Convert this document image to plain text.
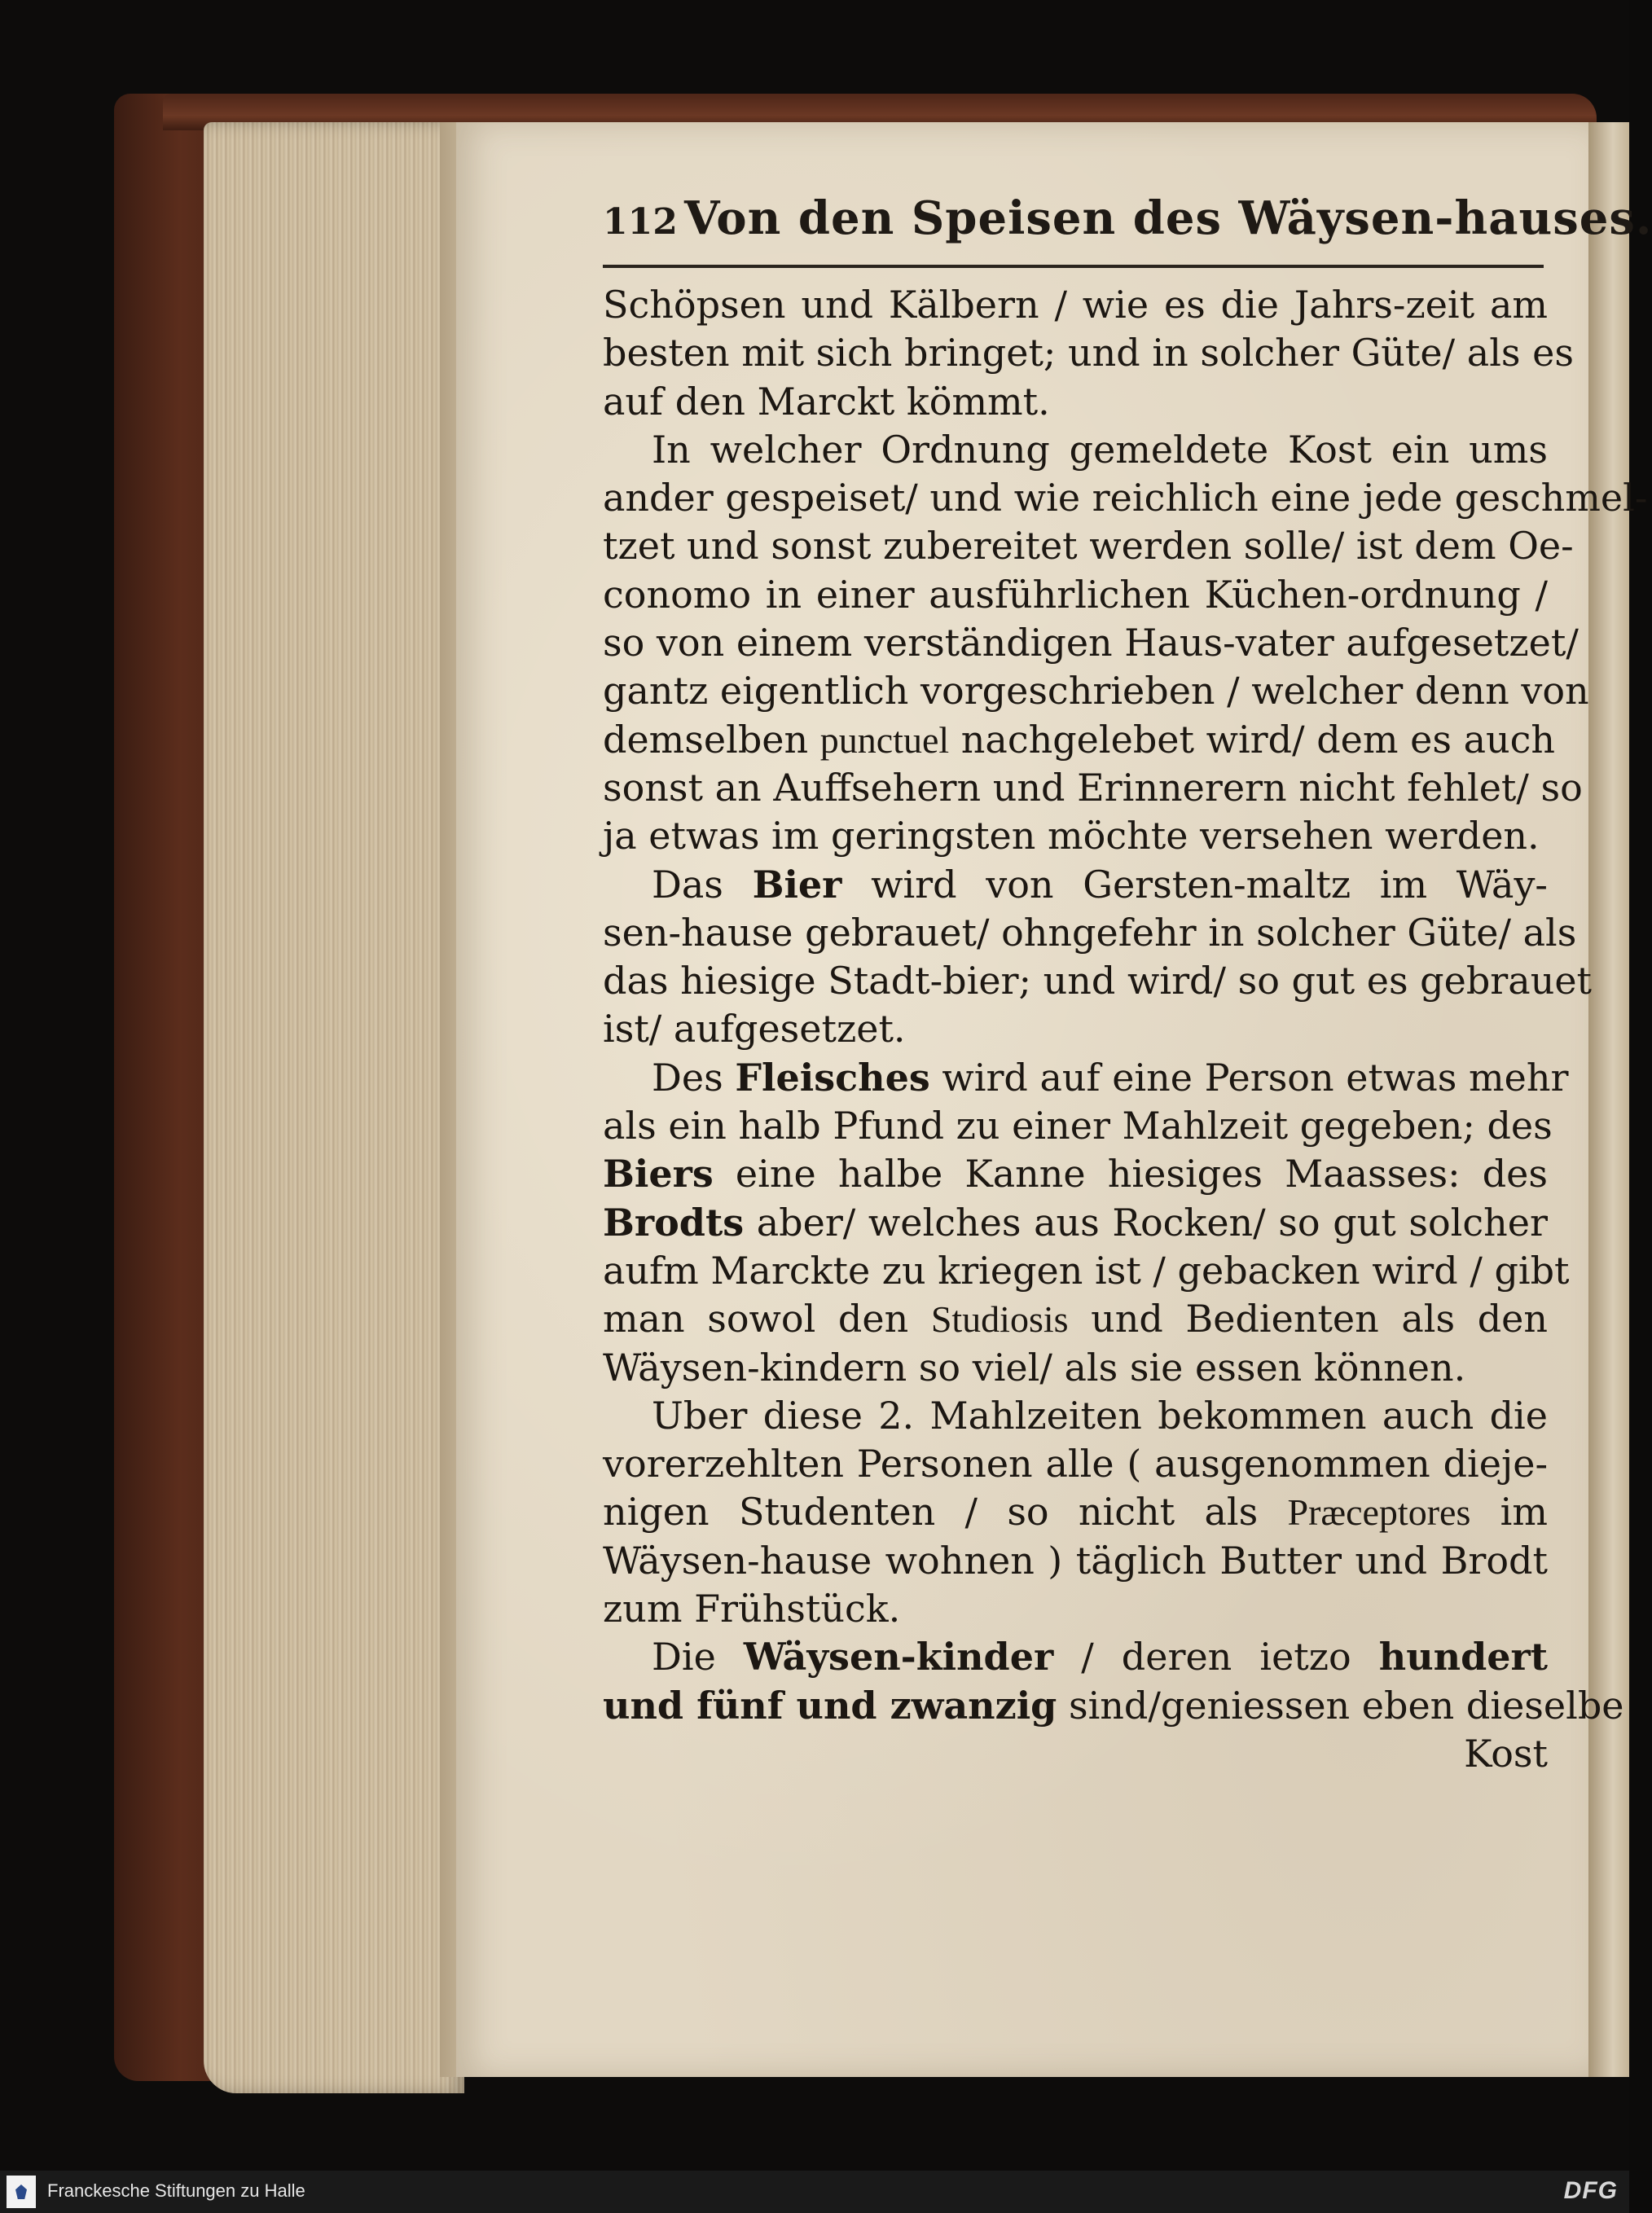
112 Von den Speisen des Wäysen-hauses.
Schöpsen und Kälbern / wie es die Jahrs-zeit am
besten mit sich bringet; und in solcher Güte/ als es
auf den Marckt kömmt.
In welcher Ordnung gemeldete Kost ein ums
ander gespeiset/ und wie reichlich eine jede geschmel-
tzet und sonst zubereitet werden solle/ ist dem Oe-
conomo in einer ausführlichen Küchen-ordnung /
so von einem verständigen Haus-vater aufgesetzet/
gantz eigentlich vorgeschrieben / welcher denn von
demselben punctuel nachgelebet wird/ dem es auch
sonst an Auffsehern und Erinnerern nicht fehlet/ so
ja etwas im geringsten möchte versehen werden.
Das Bier wird von Gersten-maltz im Wäy-
sen-hause gebrauet/ ohngefehr in solcher Güte/ als
das hiesige Stadt-bier; und wird/ so gut es gebrauet
ist/ aufgesetzet.
Des Fleisches wird auf eine Person etwas mehr
als ein halb Pfund zu einer Mahlzeit gegeben; des
Biers eine halbe Kanne hiesiges Maasses: des
Brodts aber/ welches aus Rocken/ so gut solcher
aufm Marckte zu kriegen ist / gebacken wird / gibt
man sowol den Studiosis und Bedienten als den
Wäysen-kindern so viel/ als sie essen können.
Uber diese 2. Mahlzeiten bekommen auch die
vorerzehlten Personen alle ( ausgenommen dieje-
nigen Studenten / so nicht als Præceptores im
Wäysen-hause wohnen ) täglich Butter und Brodt
zum Frühstück.
Die Wäysen-kinder / deren ietzo hundert
und fünf und zwanzig sind/geniessen eben dieselbe
Kost
Franckesche Stiftungen zu Halle	DFG
